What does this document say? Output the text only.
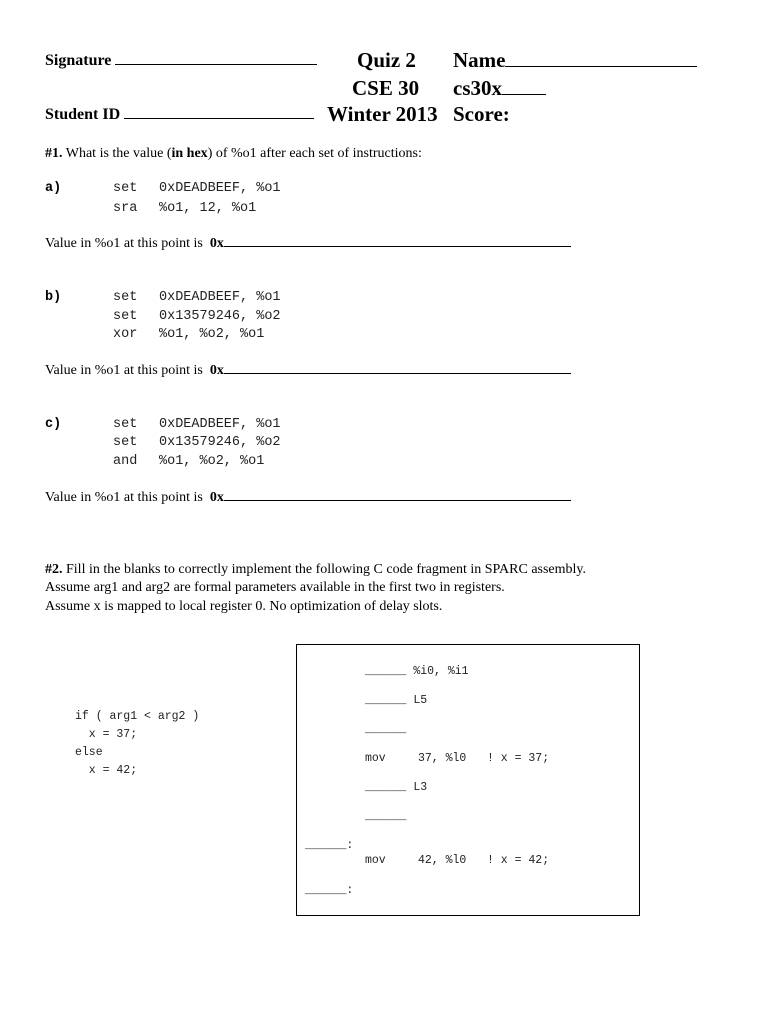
Signature	Quiz 2 Name
CSE 30 cs30x
Student ID	Winter 2013 Score:
#1. What is the value (in hex) of %o1 after each set of instructions:
a)	set 0xDEADBEEF, %o1
sra %o1, 12, %o1
Value in %o1 at this point is 0x
b)	set 0xDEADBEEF, %o1
set 0x13579246, %o2
xor %o1, %o2, %o1
Value in %o1 at this point is 0x
c)	set 0xDEADBEEF, %o1
set 0x13579246, %o2
and %o1, %o2, %o1
Value in %o1 at this point is 0x
#2. Fill in the blanks to correctly implement the following C code fragment in SPARC assembly.
Assume arg1 and arg2 are formal parameters available in the first two in registers.
Assume x is mapped to local register 0. No optimization of delay slots.
if ( arg1 < arg2 )
x = 37;
else
x = 42;
______ %i0, %i1
______ L5
______
mov	37, %l0 ! x = 37;
______ L3
______
______:
mov	42, %l0 ! x = 42;
______:
